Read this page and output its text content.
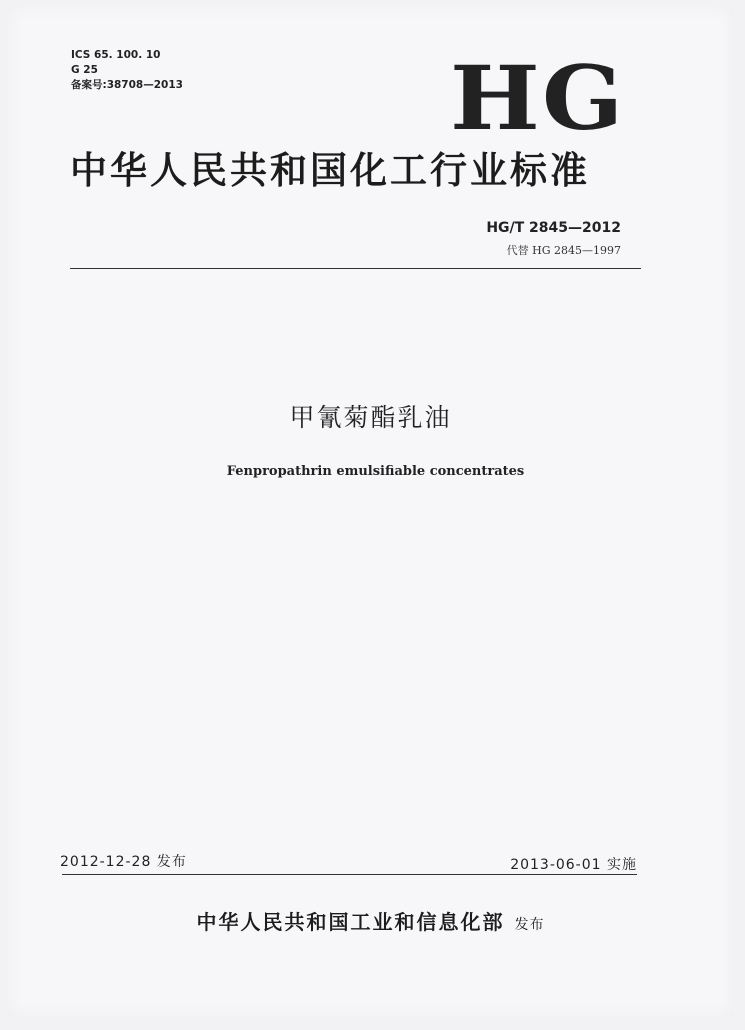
ICS 65. 100. 10
G 25
备案号:38708—2013	HG
中华人民共和国化工行业标准
HG/T 2845—2012
代替 HG 2845—1997
甲氰菊酯乳油
Fenpropathrin emulsifiable concentrates
2012-12-28 发布	2013-06-01 实施
中华人民共和国工业和信息化部 发布
